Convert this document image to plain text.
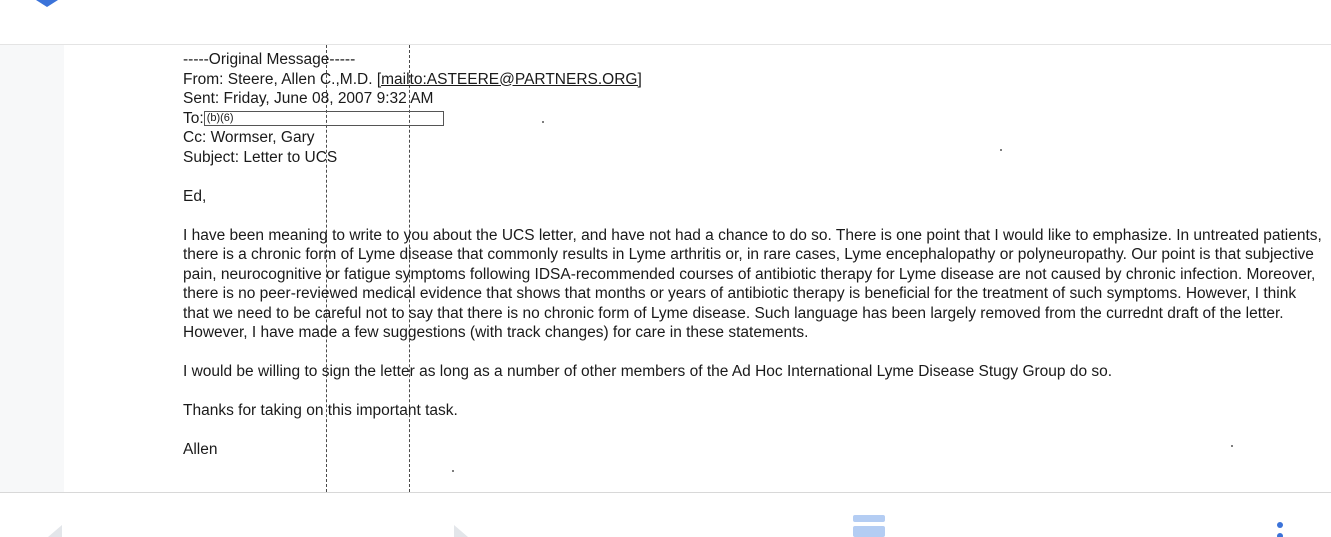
-----Original Message-----
From: Steere, Allen C.,M.D. [mailto:ASTEERE@PARTNERS.ORG]
Sent: Friday, June 08, 2007 9:32 AM
To: (b)(6)
Cc: Wormser, Gary
Subject: Letter to UCS

Ed,

I have been meaning to write to you about the UCS letter, and have not had a chance to do so. There is one point that I would like to emphasize. In untreated patients, there is a chronic form of Lyme disease that commonly results in Lyme arthritis or, in rare cases, Lyme encephalopathy or polyneuropathy. Our point is that subjective pain, neurocognitive or fatigue symptoms following IDSA-recommended courses of antibiotic therapy for Lyme disease are not caused by chronic infection. Moreover, there is no peer-reviewed medical evidence that shows that months or years of antibiotic therapy is beneficial for the treatment of such symptoms. However, I think that we need to be careful not to say that there is no chronic form of Lyme disease. Such language has been largely removed from the currednt draft of the letter. However, I have made a few suggestions (with track changes) for care in these statements.

I would be willing to sign the letter as long as a number of other members of the Ad Hoc International Lyme Disease Stugy Group do so.

Thanks for taking on this important task.

Allen
